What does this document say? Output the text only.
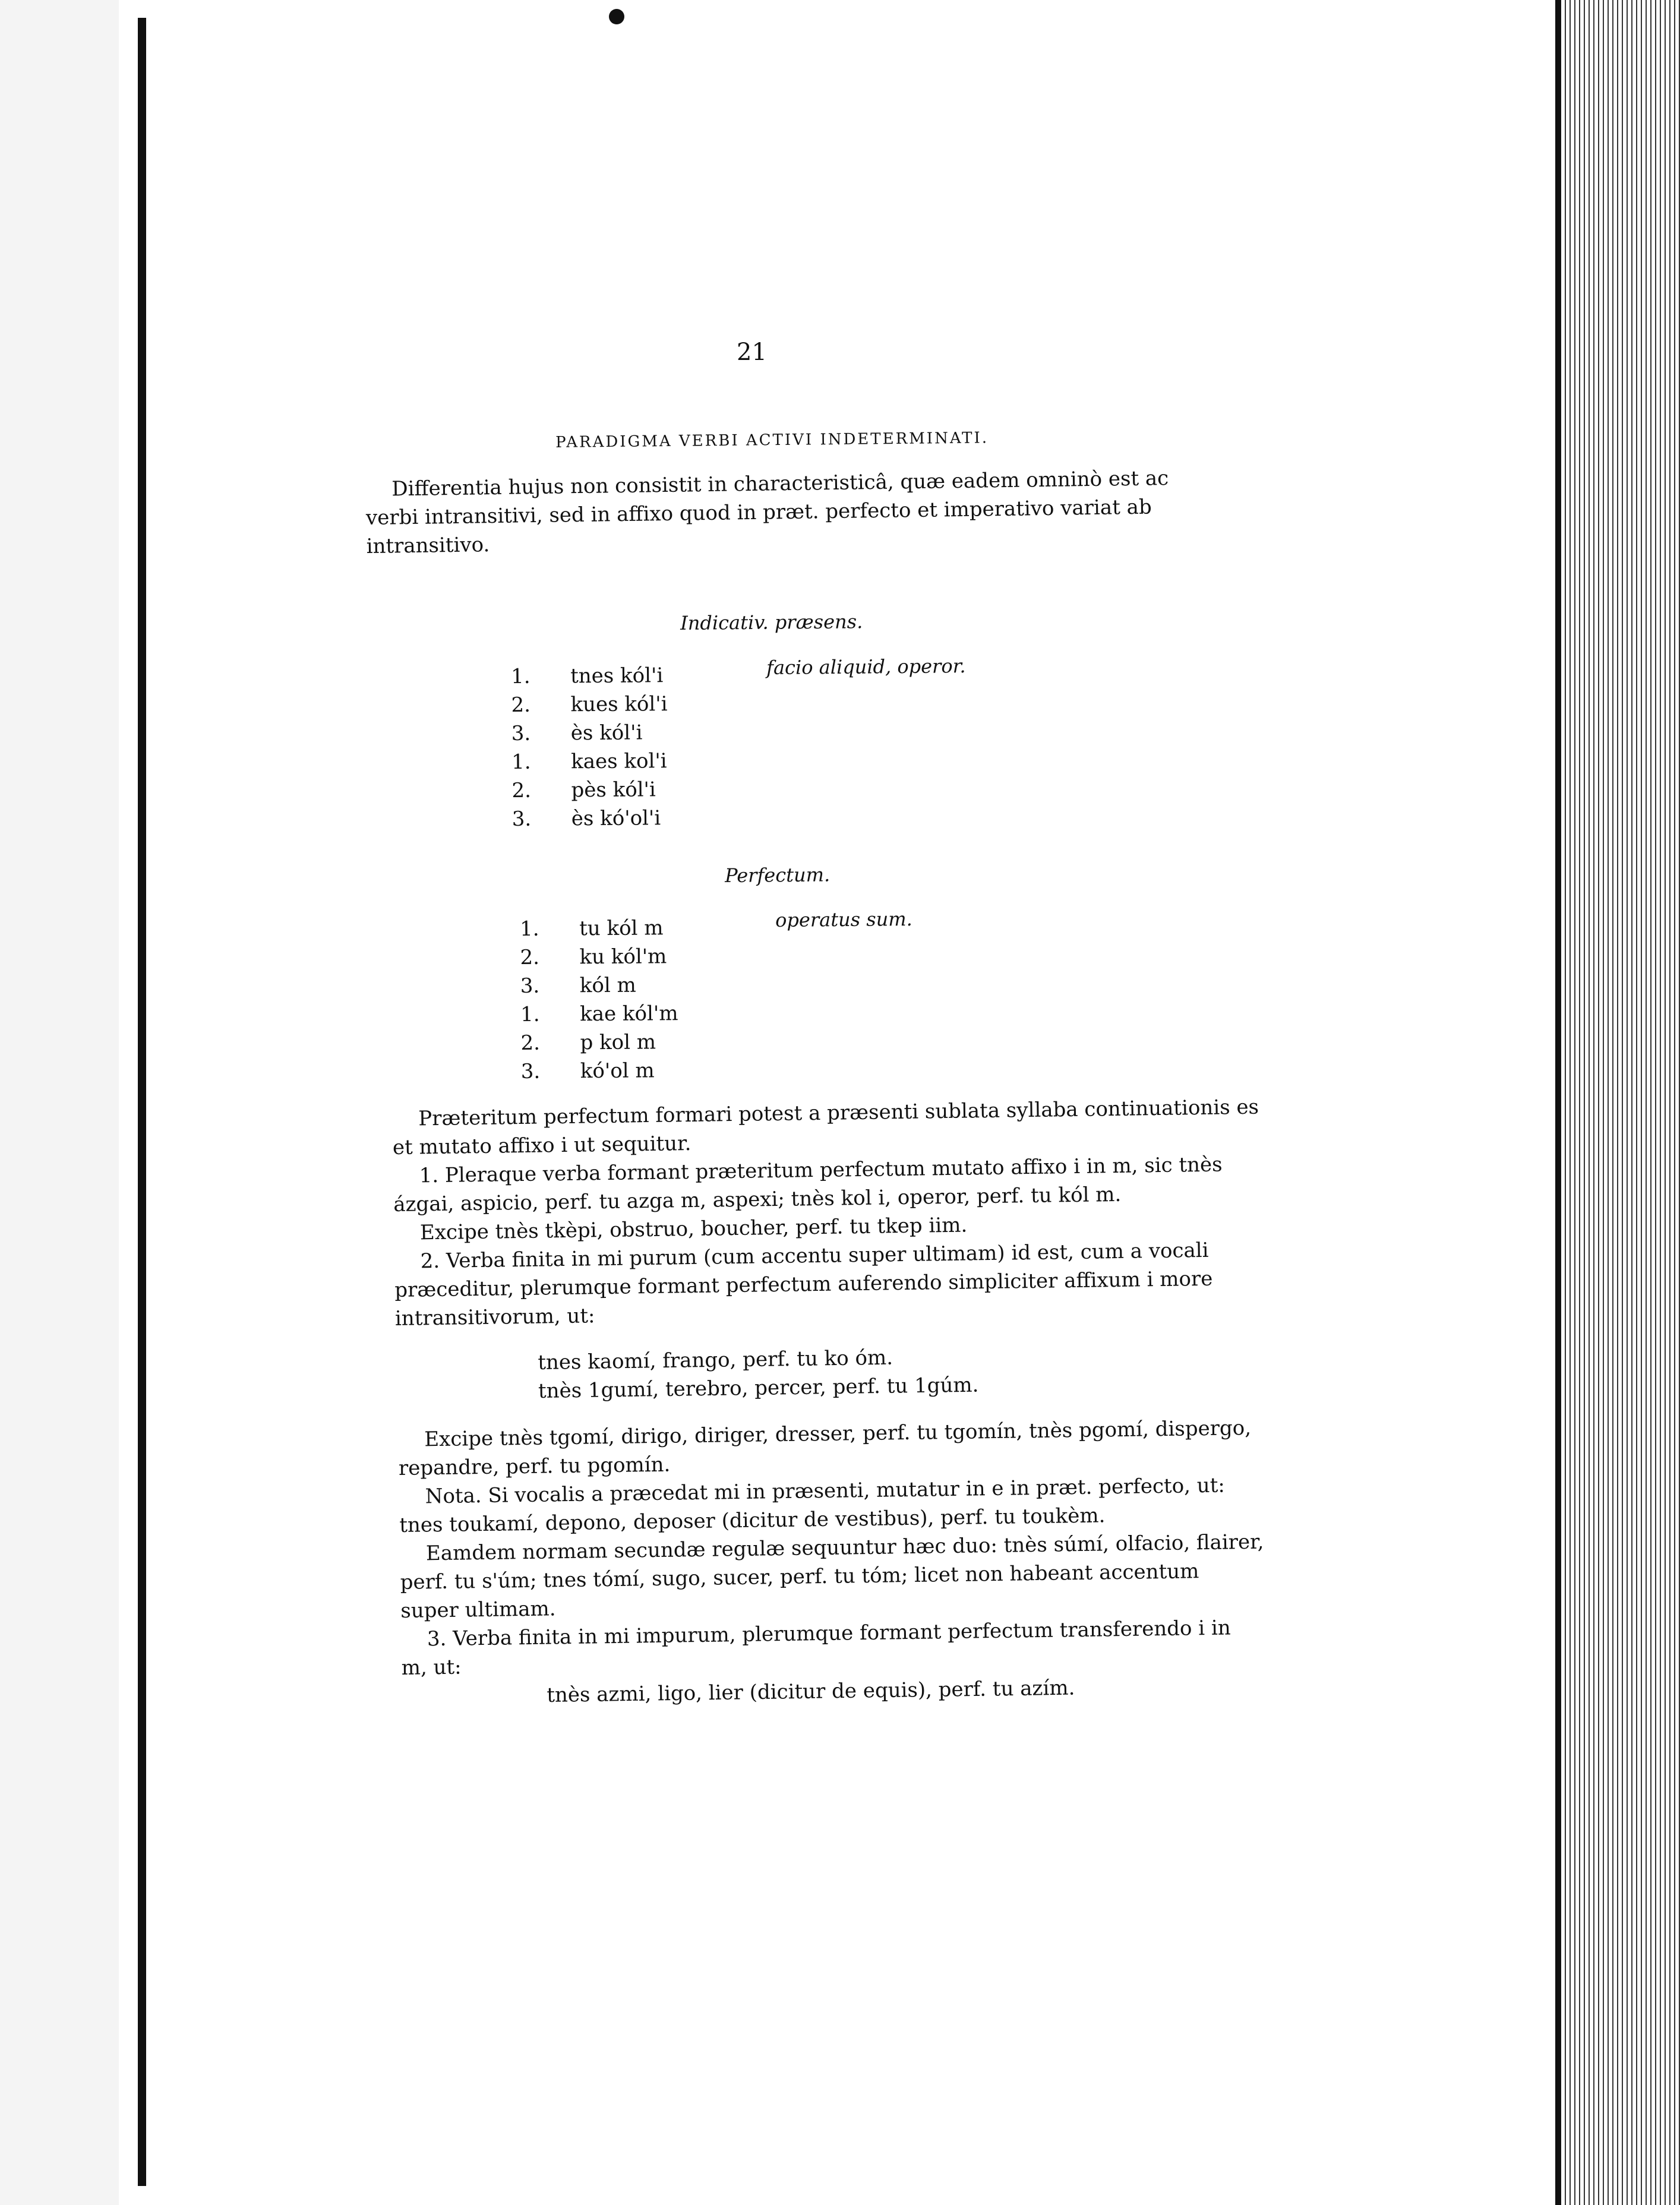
21
PARADIGMA VERBI ACTIVI INDETERMINATI.
Differentia hujus non consistit in characteristicâ, quæ eadem omninò est ac
verbi intransitivi, sed in affixo quod in præt. perfecto et imperativo variat ab
intransitivo.
Indicativ. præsens.
facio aliquid, operor.
1.	tnes kól'i
2.	kues kól'i
3.	ès kól'i
1.	kaes kol'i
2.	pès kól'i
3.	ès kó'ol'i
Perfectum.
operatus sum.
1.	tu kól m
2.	ku kól'm
3.	kól m
1.	kae kól'm
2.	p kol m
3.	kó'ol m
Præteritum perfectum formari potest a præsenti sublata syllaba continuationis es
et mutato affixo i ut sequitur.
1. Pleraque verba formant præteritum perfectum mutato affixo i in m, sic tnès
ázgai, aspicio, perf. tu azga m, aspexi; tnès kol i, operor, perf. tu kól m.
Excipe tnès tkèpi, obstruo, boucher, perf. tu tkep iim.
2. Verba finita in mi purum (cum accentu super ultimam) id est, cum a vocali
præceditur, plerumque formant perfectum auferendo simpliciter affixum i more
intransitivorum, ut:
tnes kaomí, frango, perf. tu ko óm.
tnès 1gumí, terebro, percer, perf. tu 1gúm.
Excipe tnès tgomí, dirigo, diriger, dresser, perf. tu tgomín, tnès pgomí, dispergo,
repandre, perf. tu pgomín.
Nota. Si vocalis a præcedat mi in præsenti, mutatur in e in præt. perfecto, ut:
tnes toukamí, depono, deposer (dicitur de vestibus), perf. tu toukèm.
Eamdem normam secundæ regulæ sequuntur hæc duo: tnès súmí, olfacio, flairer,
perf. tu s'úm; tnes tómí, sugo, sucer, perf. tu tóm; licet non habeant accentum
super ultimam.
3. Verba finita in mi impurum, plerumque formant perfectum transferendo i in
m, ut:
tnès azmi, ligo, lier (dicitur de equis), perf. tu azím.
